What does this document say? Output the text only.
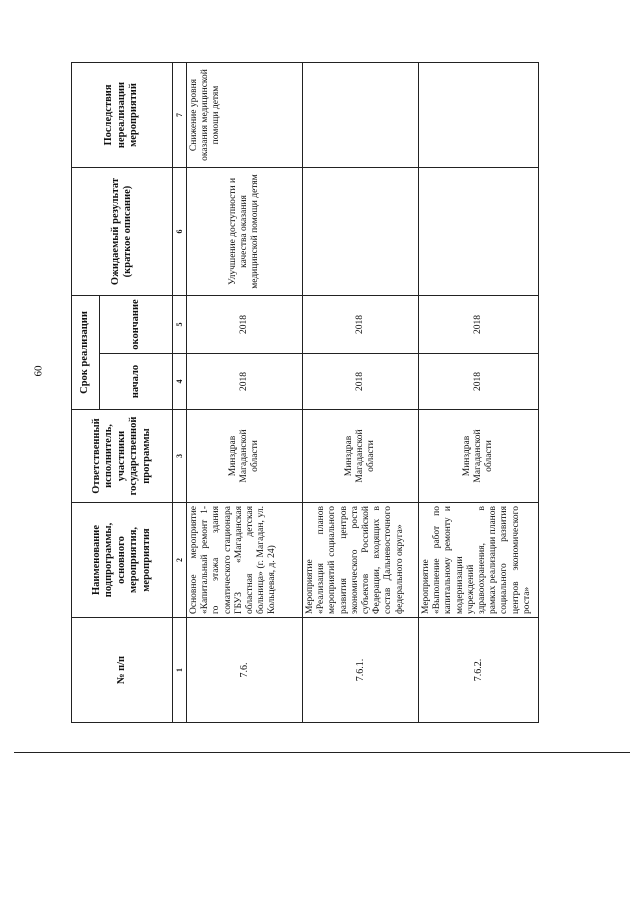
60
№ п/п	Наименование подпрограммы, основного мероприятия, мероприятия	Ответственный исполнитель, участники государственной программы	Срок реализации		Ожидаемый результат (краткое описание)	Последствия нереализации мероприятий
			начало	окончание		
1	2	3	4	5	6	7
7.6.	Основное мероприятие «Капитальный ремонт 1-го этажа здания соматического стационара ГБУЗ «Магаданская областная детская больница» (г. Магадан, ул. Кольцевая, д. 24)	Минздрав Магаданской области	2018	2018	Улучшение доступности и качества оказания медицинской помощи детям	Снижение уровня оказания медицинской помощи детям
7.6.1.	Мероприятие «Реализация планов мероприятий социального развития центров экономического роста субъектов Российской Федерации, входящих в состав Дальневосточного федерального округа»	Минздрав Магаданской области	2018	2018		
7.6.2.	Мероприятие «Выполнение работ по капитальному ремонту и модернизации учреждений здравоохранения, в рамках реализации планов социального развития центров экономического роста»	Минздрав Магаданской области	2018	2018		
